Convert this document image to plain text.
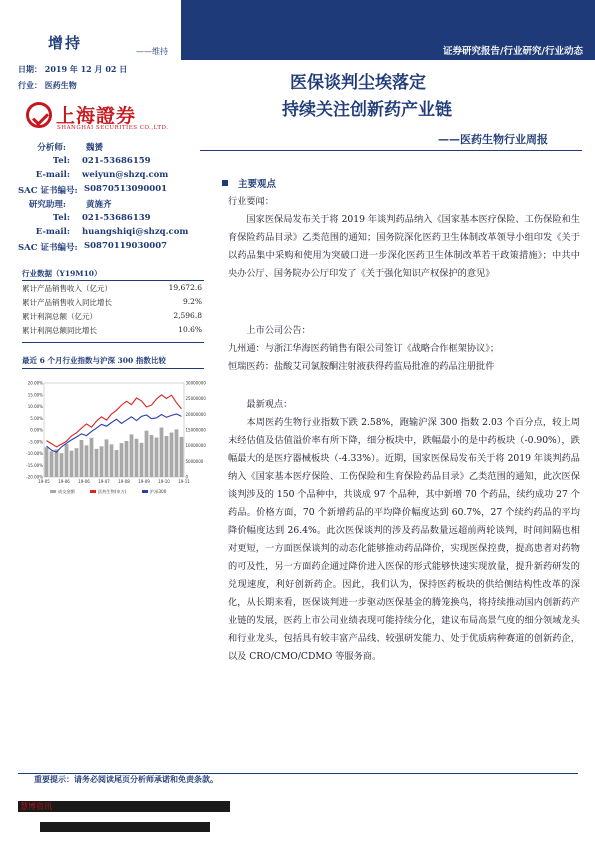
增持	——维持	证券研究报告/行业研究/行业动态
日期： 2019 年 12 月 02 日
行业： 医药生物
上海證券
SHANGHAI SECURITIES CO.,LTD.
医保谈判尘埃落定
持续关注创新药产业链
——医药生物行业周报
分析师: 魏赟
Tel: 021-53686159
E-mail: weiyun@shzq.com
SAC 证书编号: S0870513090001
研究助理: 黄施齐
Tel: 021-53686139
E-mail: huangshiqi@shzq.com
SAC 证书编号: S0870119030007
行业数据（Y19M10）
累计产品销售收入（亿元）	19,672.6
累计产品销售收入同比增长	9.2%
累计利润总额（亿元）	2,596.8
累计利润总额同比增长	10.6%
最近 6 个月行业指数与沪深 300 指数比较
20.00%
15.00%
10.00%
5.00%
0.00%
-5.00%
-10.00%
-15.00%
-20.00%
30000000
25000000
20000000
15000000
10000000
5000000
0
19-05 19-06 19-06 19-07 19-08 19-09 19-10 19-11
成交金额	医药生物(申万)	沪深300
主要观点

行业要闻：

国家医保局发布关于将 2019 年谈判药品纳入《国家基本医疗保险、工伤保险和生育保险药品目录》乙类范围的通知；国务院深化医药卫生体制改革领导小组印发《关于以药品集中采购和使用为突破口进一步深化医药卫生体制改革若干政策措施》；中共中央办公厅、国务院办公厅印发了《关于强化知识产权保护的意见》

上市公司公告：

九州通：与浙江华海医药销售有限公司签订《战略合作框架协议》；

恒瑞医药：盐酸艾司氯胺酮注射液获得药监局批准的药品注册批件

最新观点：

本周医药生物行业指数下跌 2.58%，跑输沪深 300 指数 2.03 个百分点，较上周末经估值及估值溢价率有所下降，细分板块中，跌幅最小的是中药板块（-0.90%），跌幅最大的是医疗器械板块（-4.33%）。近期，国家医保局发布关于将 2019 年谈判药品纳入《国家基本医疗保险、工伤保险和生育保险药品目录》乙类范围的通知，此次医保谈判涉及的 150 个品种中，共谈成 97 个品种，其中新增 70 个药品，续约成功 27 个药品。价格方面，70 个新增药品的平均降价幅度达到 60.7%，27 个续约药品的平均降价幅度达到 26.4%。此次医保谈判的涉及药品数量远超前两轮谈判，时间间隔也相对更短，一方面医保谈判的动态化能够推动药品降价，实现医保控费，提高患者对药物的可及性，另一方面药企通过降价进入医保的形式能够快速实现放量，提升新药研发的兑现速度，利好创新药企。因此，我们认为，保持医药板块的供给侧结构性改革的深化，从长期来看，医保谈判进一步驱动医保基金的腾笼换鸟，将持续推动国内创新药产业链的发展，医药上市公司业绩表现可能持续分化，建议布局高景气度的细分领域龙头和行业龙头，包括具有较丰富产品线、较强研发能力、处于优质病种赛道的创新药企，以及 CRO/CMO/CDMO 等服务商。

重要提示：请务必阅读尾页分析师承诺和免责条款。
慧博资讯
